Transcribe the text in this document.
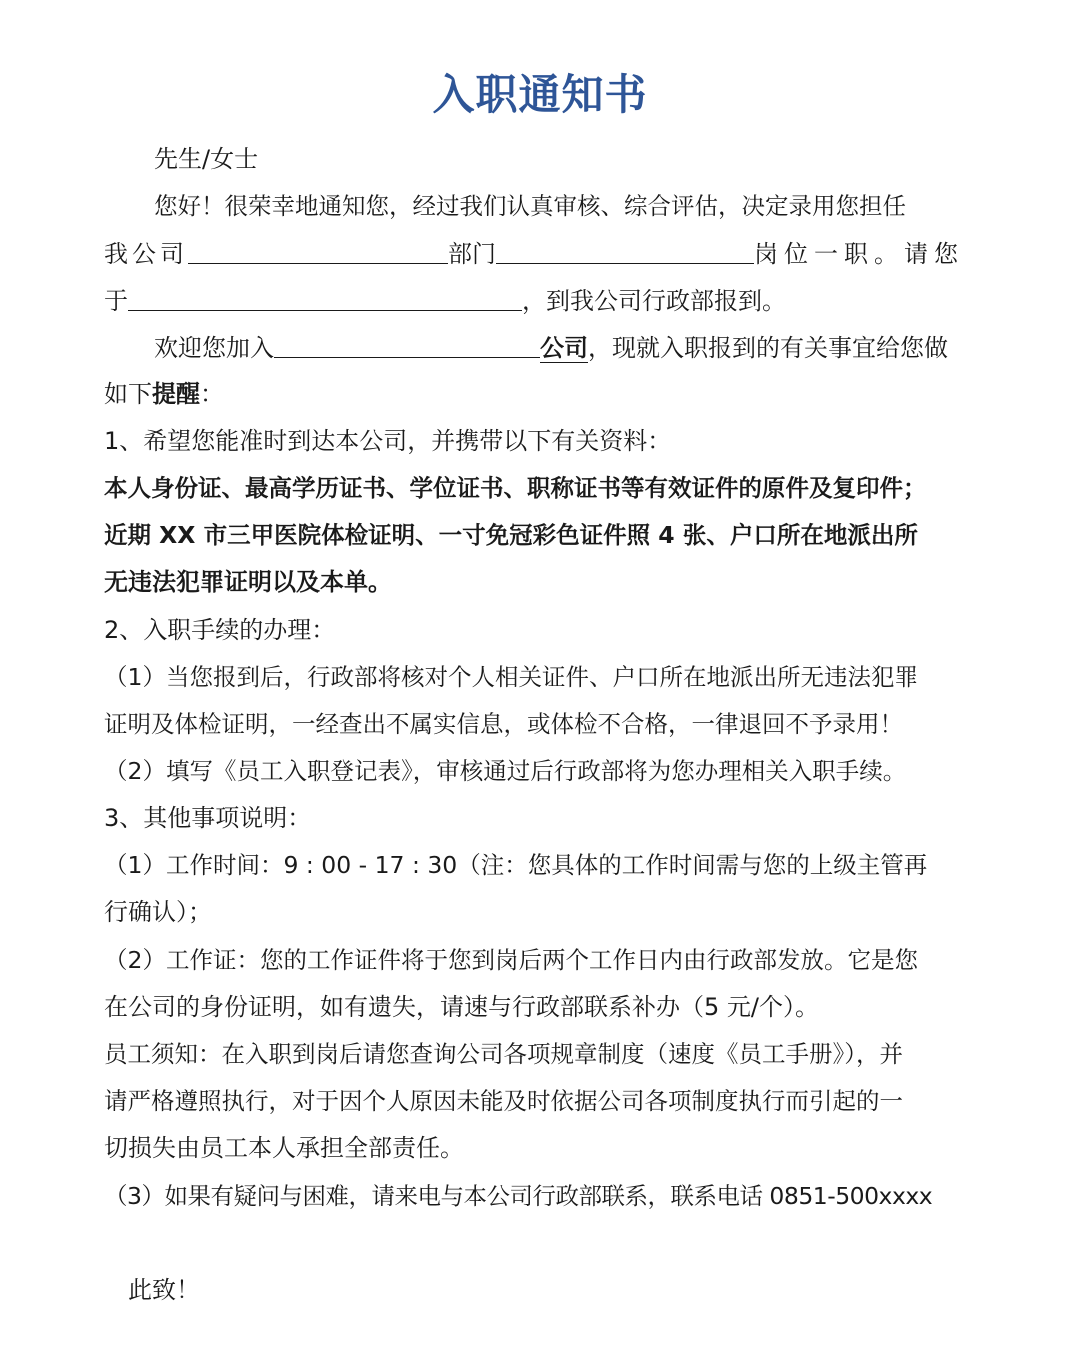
入职通知书
先生/女士
您好！很荣幸地通知您，经过我们认真审核、综合评估，决定录用您担任
我公司	部门	岗位一职。请您
于	，到我公司行政部报到。
欢迎您加入	公司，现就入职报到的有关事宜给您做
如下提醒：
1、希望您能准时到达本公司，并携带以下有关资料：
本人身份证、最高学历证书、学位证书、职称证书等有效证件的原件及复印件；
近期 XX 市三甲医院体检证明、一寸免冠彩色证件照 4 张、户口所在地派出所
无违法犯罪证明以及本单。
2、入职手续的办理：
（1）当您报到后，行政部将核对个人相关证件、户口所在地派出所无违法犯罪
证明及体检证明，一经查出不属实信息，或体检不合格，一律退回不予录用！
（2）填写《员工入职登记表》，审核通过后行政部将为您办理相关入职手续。
3、其他事项说明：
（1）工作时间：9 : 00 - 17 : 30（注：您具体的工作时间需与您的上级主管再
行确认）；
（2）工作证：您的工作证件将于您到岗后两个工作日内由行政部发放。它是您
在公司的身份证明，如有遗失，请速与行政部联系补办（5 元/个）。
员工须知：在入职到岗后请您查询公司各项规章制度（速度《员工手册》），并
请严格遵照执行，对于因个人原因未能及时依据公司各项制度执行而引起的一
切损失由员工本人承担全部责任。
（3）如果有疑问与困难，请来电与本公司行政部联系，联系电话 0851-500xxxx
此致！
